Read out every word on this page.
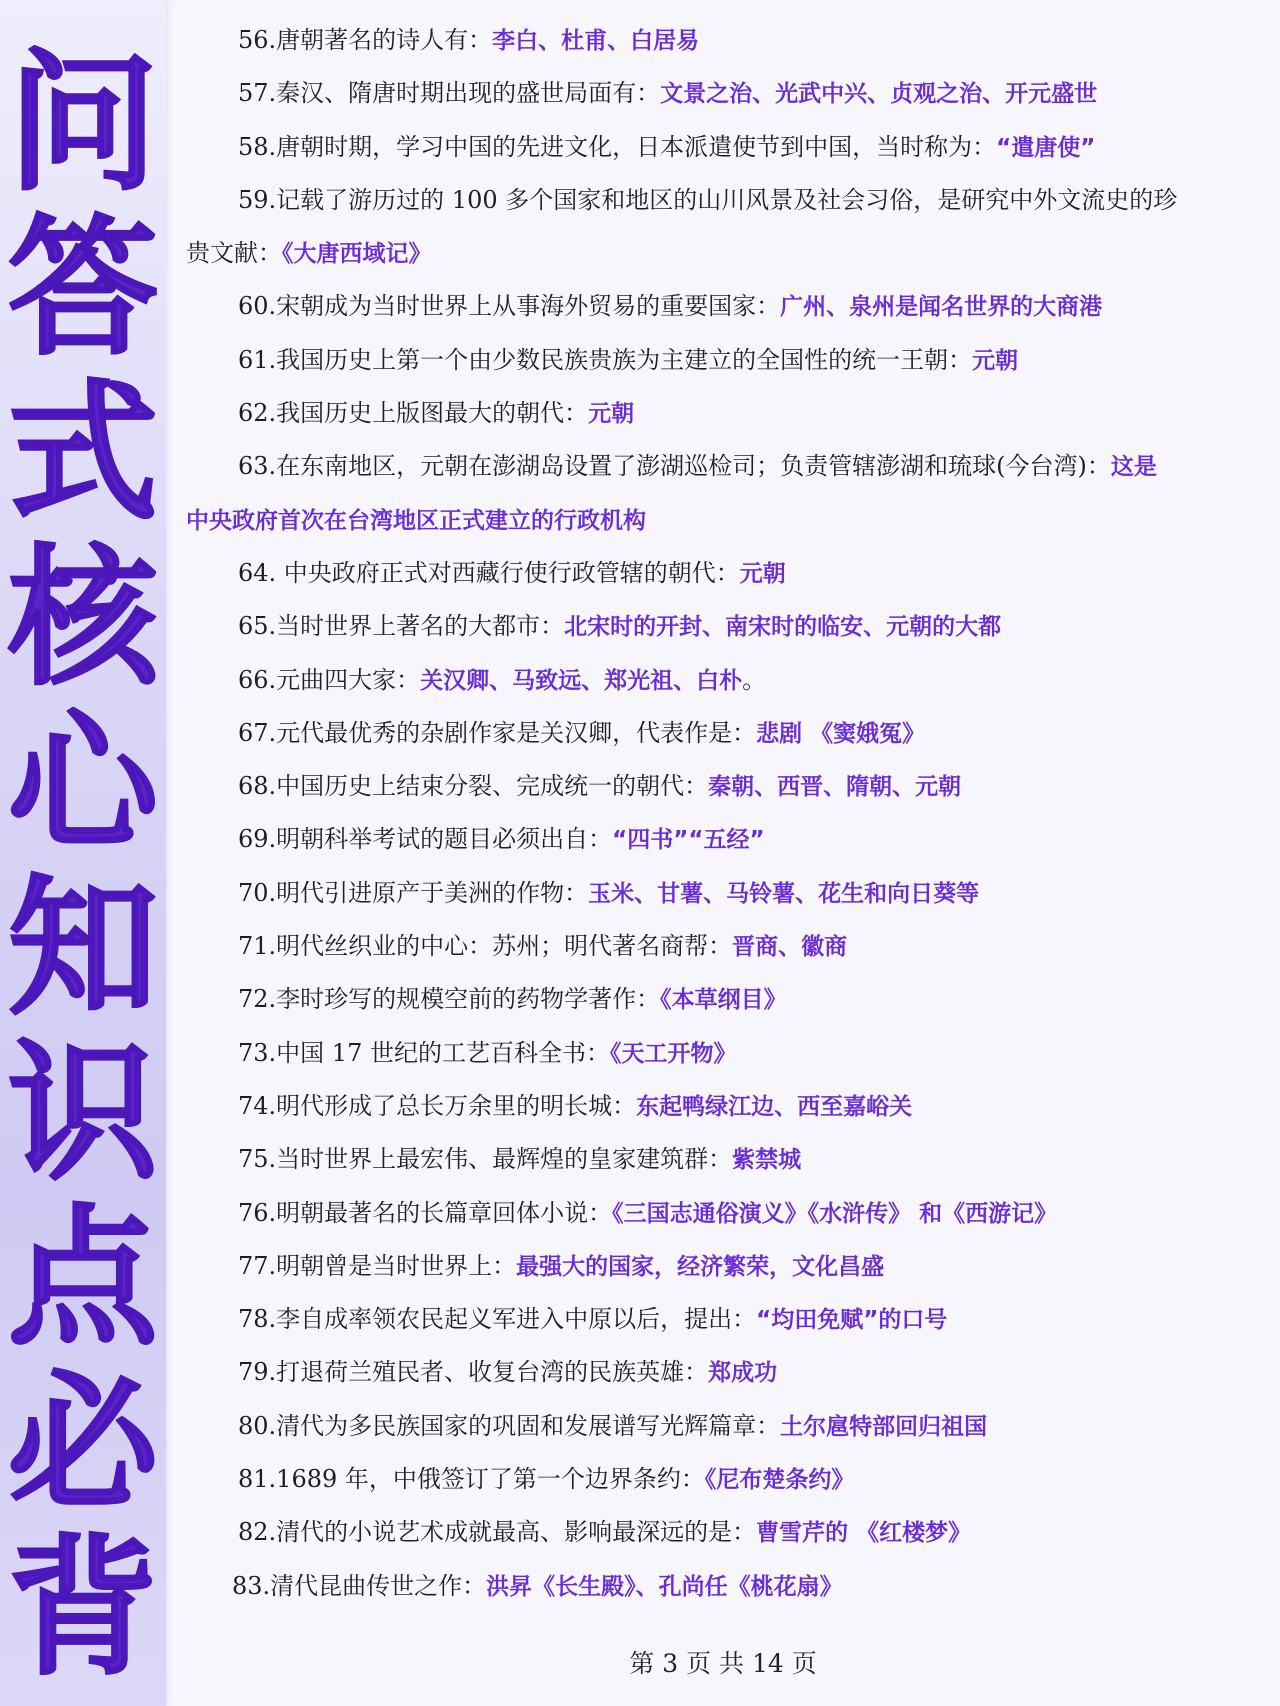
问
答
式
核
心
知
识
点
必
背
56.唐朝著名的诗人有：李白、杜甫、白居易
57.秦汉、隋唐时期出现的盛世局面有：文景之治、光武中兴、贞观之治、开元盛世
58.唐朝时期，学习中国的先进文化，日本派遣使节到中国，当时称为：“遣唐使”
59.记载了游历过的 100 多个国家和地区的山川风景及社会习俗，是研究中外文流史的珍
贵文献：《大唐西域记》
60.宋朝成为当时世界上从事海外贸易的重要国家：广州、泉州是闻名世界的大商港
61.我国历史上第一个由少数民族贵族为主建立的全国性的统一王朝：元朝
62.我国历史上版图最大的朝代：元朝
63.在东南地区，元朝在澎湖岛设置了澎湖巡检司；负责管辖澎湖和琉球(今台湾)：这是
中央政府首次在台湾地区正式建立的行政机构
64. 中央政府正式对西藏行使行政管辖的朝代：元朝
65.当时世界上著名的大都市：北宋时的开封、南宋时的临安、元朝的大都
66.元曲四大家：关汉卿、马致远、郑光祖、白朴。
67.元代最优秀的杂剧作家是关汉卿，代表作是：悲剧 《窦娥冤》
68.中国历史上结束分裂、完成统一的朝代：秦朝、西晋、隋朝、元朝
69.明朝科举考试的题目必须出自：“四书”“五经”
70.明代引进原产于美洲的作物：玉米、甘薯、马铃薯、花生和向日葵等
71.明代丝织业的中心：苏州；明代著名商帮：晋商、徽商
72.李时珍写的规模空前的药物学著作：《本草纲目》
73.中国 17 世纪的工艺百科全书：《天工开物》
74.明代形成了总长万余里的明长城：东起鸭绿江边、西至嘉峪关
75.当时世界上最宏伟、最辉煌的皇家建筑群：紫禁城
76.明朝最著名的长篇章回体小说：《三国志通俗演义》《水浒传》 和《西游记》
77.明朝曾是当时世界上：最强大的国家，经济繁荣，文化昌盛
78.李自成率领农民起义军进入中原以后，提出：“均田免赋”的口号
79.打退荷兰殖民者、收复台湾的民族英雄：郑成功
80.清代为多民族国家的巩固和发展谱写光辉篇章：土尔扈特部回归祖国
81.1689 年，中俄签订了第一个边界条约：《尼布楚条约》
82.清代的小说艺术成就最高、影响最深远的是：曹雪芹的 《红楼梦》
83.清代昆曲传世之作：洪昇《长生殿》、孔尚任《桃花扇》
第 3 页 共 14 页
